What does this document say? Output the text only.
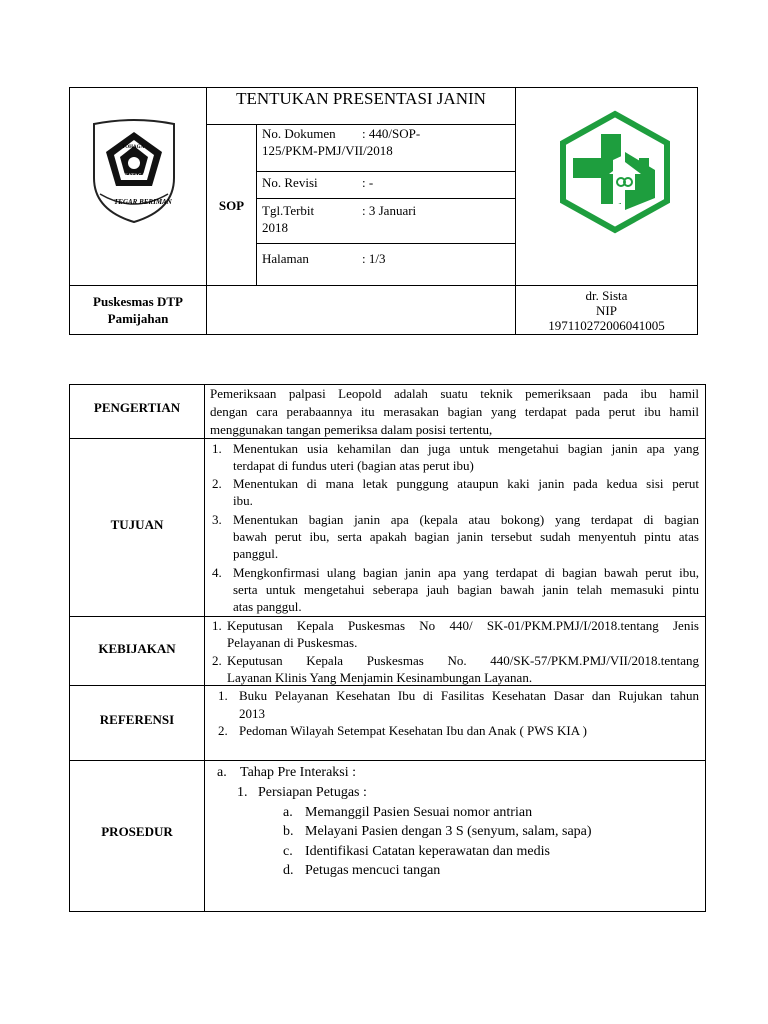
TOHAGA
KATAGA
TEGAR BERIMAN
TENTUKAN PRESENTASI JANIN
SOP
No. Dokumen : 440/SOP-
125/PKM-PMJ/VII/2018
No. Revisi	: -
Tgl.Terbit	: 3 Januari
2018
Halaman	: 1/3
Puskesmas DTP
Pamijahan
dr. Sista
NIP
197110272006041005
PENGERTIAN
Pemeriksaan palpasi Leopold adalah suatu teknik pemeriksaan pada ibu hamil
dengan cara perabaannya itu merasakan bagian yang terdapat pada perut ibu hamil
menggunakan tangan pemeriksa dalam posisi tertentu,
TUJUAN
1. Menentukan usia kehamilan dan juga untuk mengetahui bagian janin apa yang
terdapat di fundus uteri (bagian atas perut ibu)
2. Menentukan di mana letak punggung ataupun kaki janin pada kedua sisi perut
ibu.
3. Menentukan bagian janin apa (kepala atau bokong) yang terdapat di bagian
bawah perut ibu, serta apakah bagian janin tersebut sudah menyentuh pintu atas
panggul.
4. Mengkonfirmasi ulang bagian janin apa yang terdapat di bagian bawah perut ibu,
serta untuk mengetahui seberapa jauh bagian bawah janin telah memasuki pintu
atas panggul.
KEBIJAKAN
1. Keputusan Kepala Puskesmas No 440/ SK-01/PKM.PMJ/I/2018.tentang Jenis
Pelayanan di Puskesmas.
2. Keputusan Kepala Puskesmas No. 440/SK-57/PKM.PMJ/VII/2018.tentang
Layanan Klinis Yang Menjamin Kesinambungan Layanan.
REFERENSI
1. Buku Pelayanan Kesehatan Ibu di Fasilitas Kesehatan Dasar dan Rujukan tahun
2013
2. Pedoman Wilayah Setempat Kesehatan Ibu dan Anak ( PWS KIA )
PROSEDUR
a. Tahap Pre Interaksi :
1. Persiapan Petugas :
a. Memanggil Pasien Sesuai nomor antrian
b. Melayani Pasien dengan 3 S (senyum, salam, sapa)
c. Identifikasi Catatan keperawatan dan medis
d. Petugas mencuci tangan
